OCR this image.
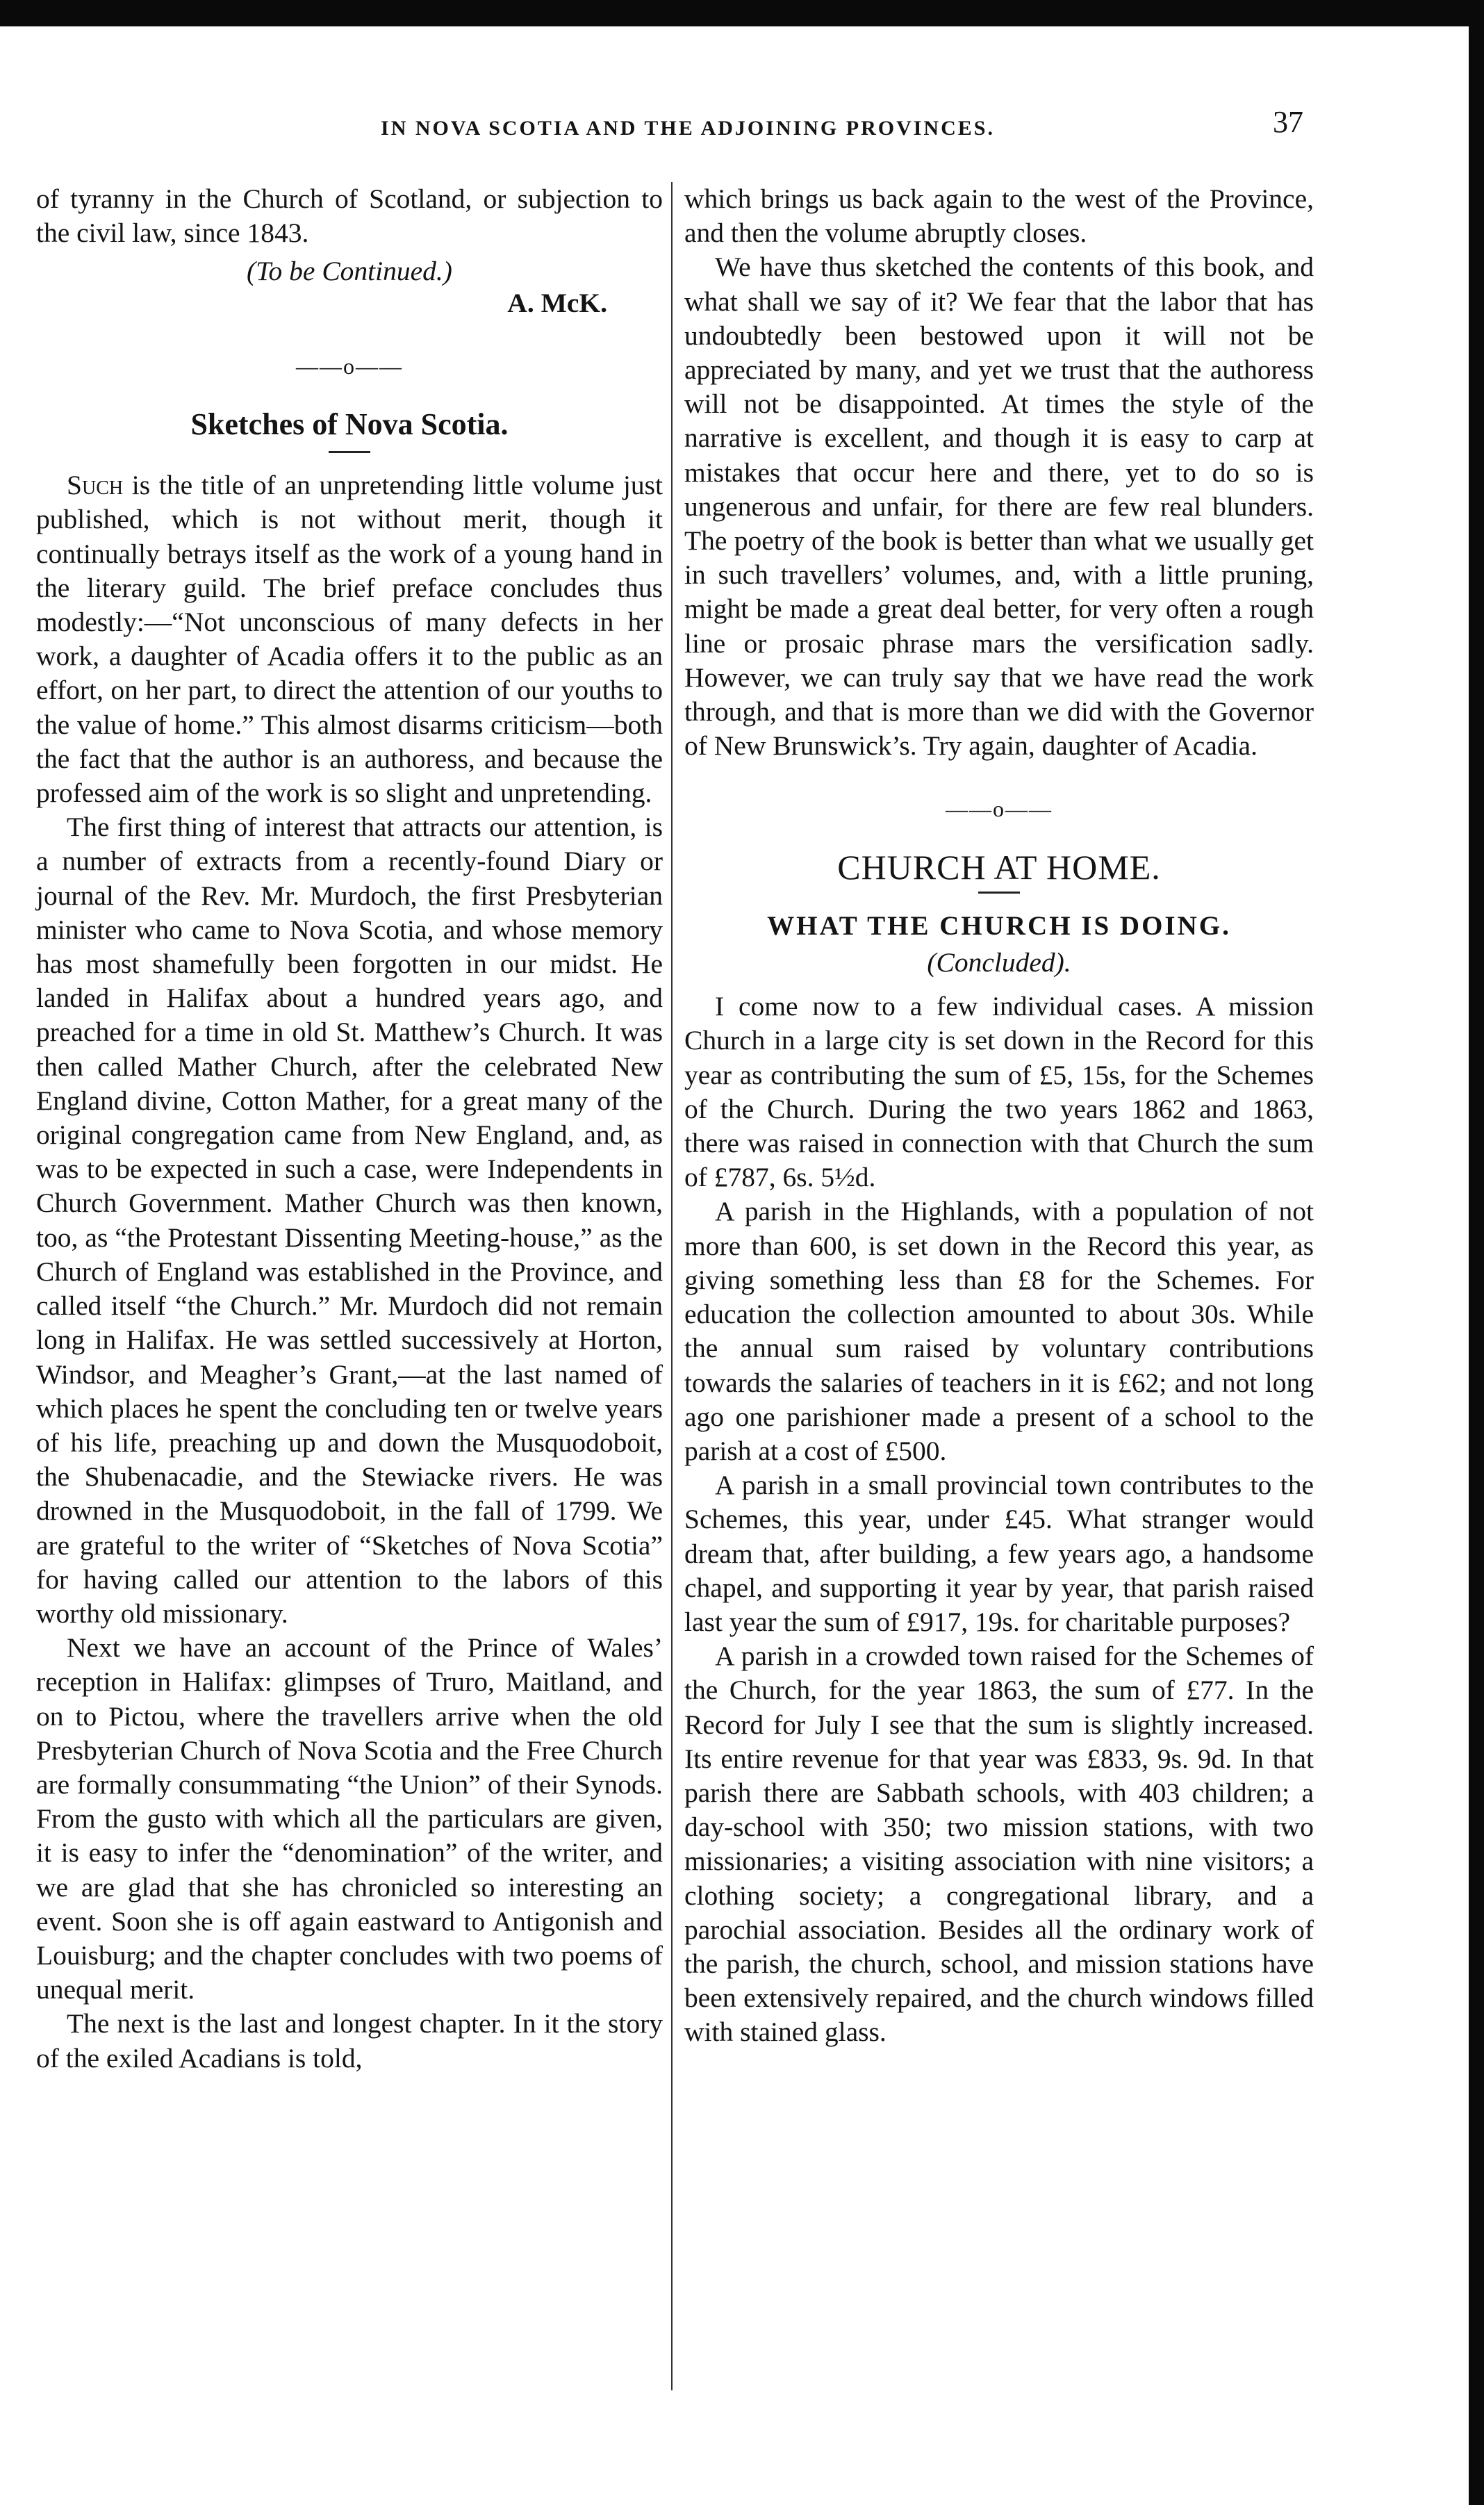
IN NOVA SCOTIA AND THE ADJOINING PROVINCES.	37

of tyranny in the Church of Scotland, or subjection to the civil law, since 1843.

(To be Continued.)

A. McK.

——o——
Sketches of Nova Scotia.

Such is the title of an unpretending little volume just published, which is not without merit, though it continually betrays itself as the work of a young hand in the literary guild. The brief preface concludes thus modestly:—“Not unconscious of many defects in her work, a daughter of Acadia offers it to the public as an effort, on her part, to direct the attention of our youths to the value of home.” This almost disarms criticism—both the fact that the author is an authoress, and because the professed aim of the work is so slight and unpretending.

The first thing of interest that attracts our attention, is a number of extracts from a recently-found Diary or journal of the Rev. Mr. Murdoch, the first Presbyterian minister who came to Nova Scotia, and whose memory has most shamefully been forgotten in our midst. He landed in Halifax about a hundred years ago, and preached for a time in old St. Matthew’s Church. It was then called Mather Church, after the celebrated New England divine, Cotton Mather, for a great many of the original congregation came from New England, and, as was to be expected in such a case, were Independents in Church Government. Mather Church was then known, too, as “the Protestant Dissenting Meeting-house,” as the Church of England was established in the Province, and called itself “the Church.” Mr. Murdoch did not remain long in Halifax. He was settled successively at Horton, Windsor, and Meagher’s Grant,—at the last named of which places he spent the concluding ten or twelve years of his life, preaching up and down the Musquodoboit, the Shubenacadie, and the Stewiacke rivers. He was drowned in the Musquodoboit, in the fall of 1799. We are grateful to the writer of “Sketches of Nova Scotia” for having called our attention to the labors of this worthy old missionary.

Next we have an account of the Prince of Wales’ reception in Halifax: glimpses of Truro, Maitland, and on to Pictou, where the travellers arrive when the old Presbyterian Church of Nova Scotia and the Free Church are formally consummating “the Union” of their Synods. From the gusto with which all the particulars are given, it is easy to infer the “denomination” of the writer, and we are glad that she has chronicled so interesting an event. Soon she is off again eastward to Antigonish and Louisburg; and the chapter concludes with two poems of unequal merit.

The next is the last and longest chapter. In it the story of the exiled Acadians is told,

which brings us back again to the west of the Province, and then the volume abruptly closes.

We have thus sketched the contents of this book, and what shall we say of it? We fear that the labor that has undoubtedly been bestowed upon it will not be appreciated by many, and yet we trust that the authoress will not be disappointed. At times the style of the narrative is excellent, and though it is easy to carp at mistakes that occur here and there, yet to do so is ungenerous and unfair, for there are few real blunders. The poetry of the book is better than what we usually get in such travellers’ volumes, and, with a little pruning, might be made a great deal better, for very often a rough line or prosaic phrase mars the versification sadly. However, we can truly say that we have read the work through, and that is more than we did with the Governor of New Brunswick’s. Try again, daughter of Acadia.

——o——
CHURCH AT HOME.
WHAT THE CHURCH IS DOING.
(Concluded).

I come now to a few individual cases. A mission Church in a large city is set down in the Record for this year as contributing the sum of £5, 15s, for the Schemes of the Church. During the two years 1862 and 1863, there was raised in connection with that Church the sum of £787, 6s. 5½d.

A parish in the Highlands, with a population of not more than 600, is set down in the Record this year, as giving something less than £8 for the Schemes. For education the collection amounted to about 30s. While the annual sum raised by voluntary contributions towards the salaries of teachers in it is £62; and not long ago one parishioner made a present of a school to the parish at a cost of £500.

A parish in a small provincial town contributes to the Schemes, this year, under £45. What stranger would dream that, after building, a few years ago, a handsome chapel, and supporting it year by year, that parish raised last year the sum of £917, 19s. for charitable purposes?

A parish in a crowded town raised for the Schemes of the Church, for the year 1863, the sum of £77. In the Record for July I see that the sum is slightly increased. Its entire revenue for that year was £833, 9s. 9d. In that parish there are Sabbath schools, with 403 children; a day-school with 350; two mission stations, with two missionaries; a visiting association with nine visitors; a clothing society; a congregational library, and a parochial association. Besides all the ordinary work of the parish, the church, school, and mission stations have been extensively repaired, and the church windows filled with stained glass.
